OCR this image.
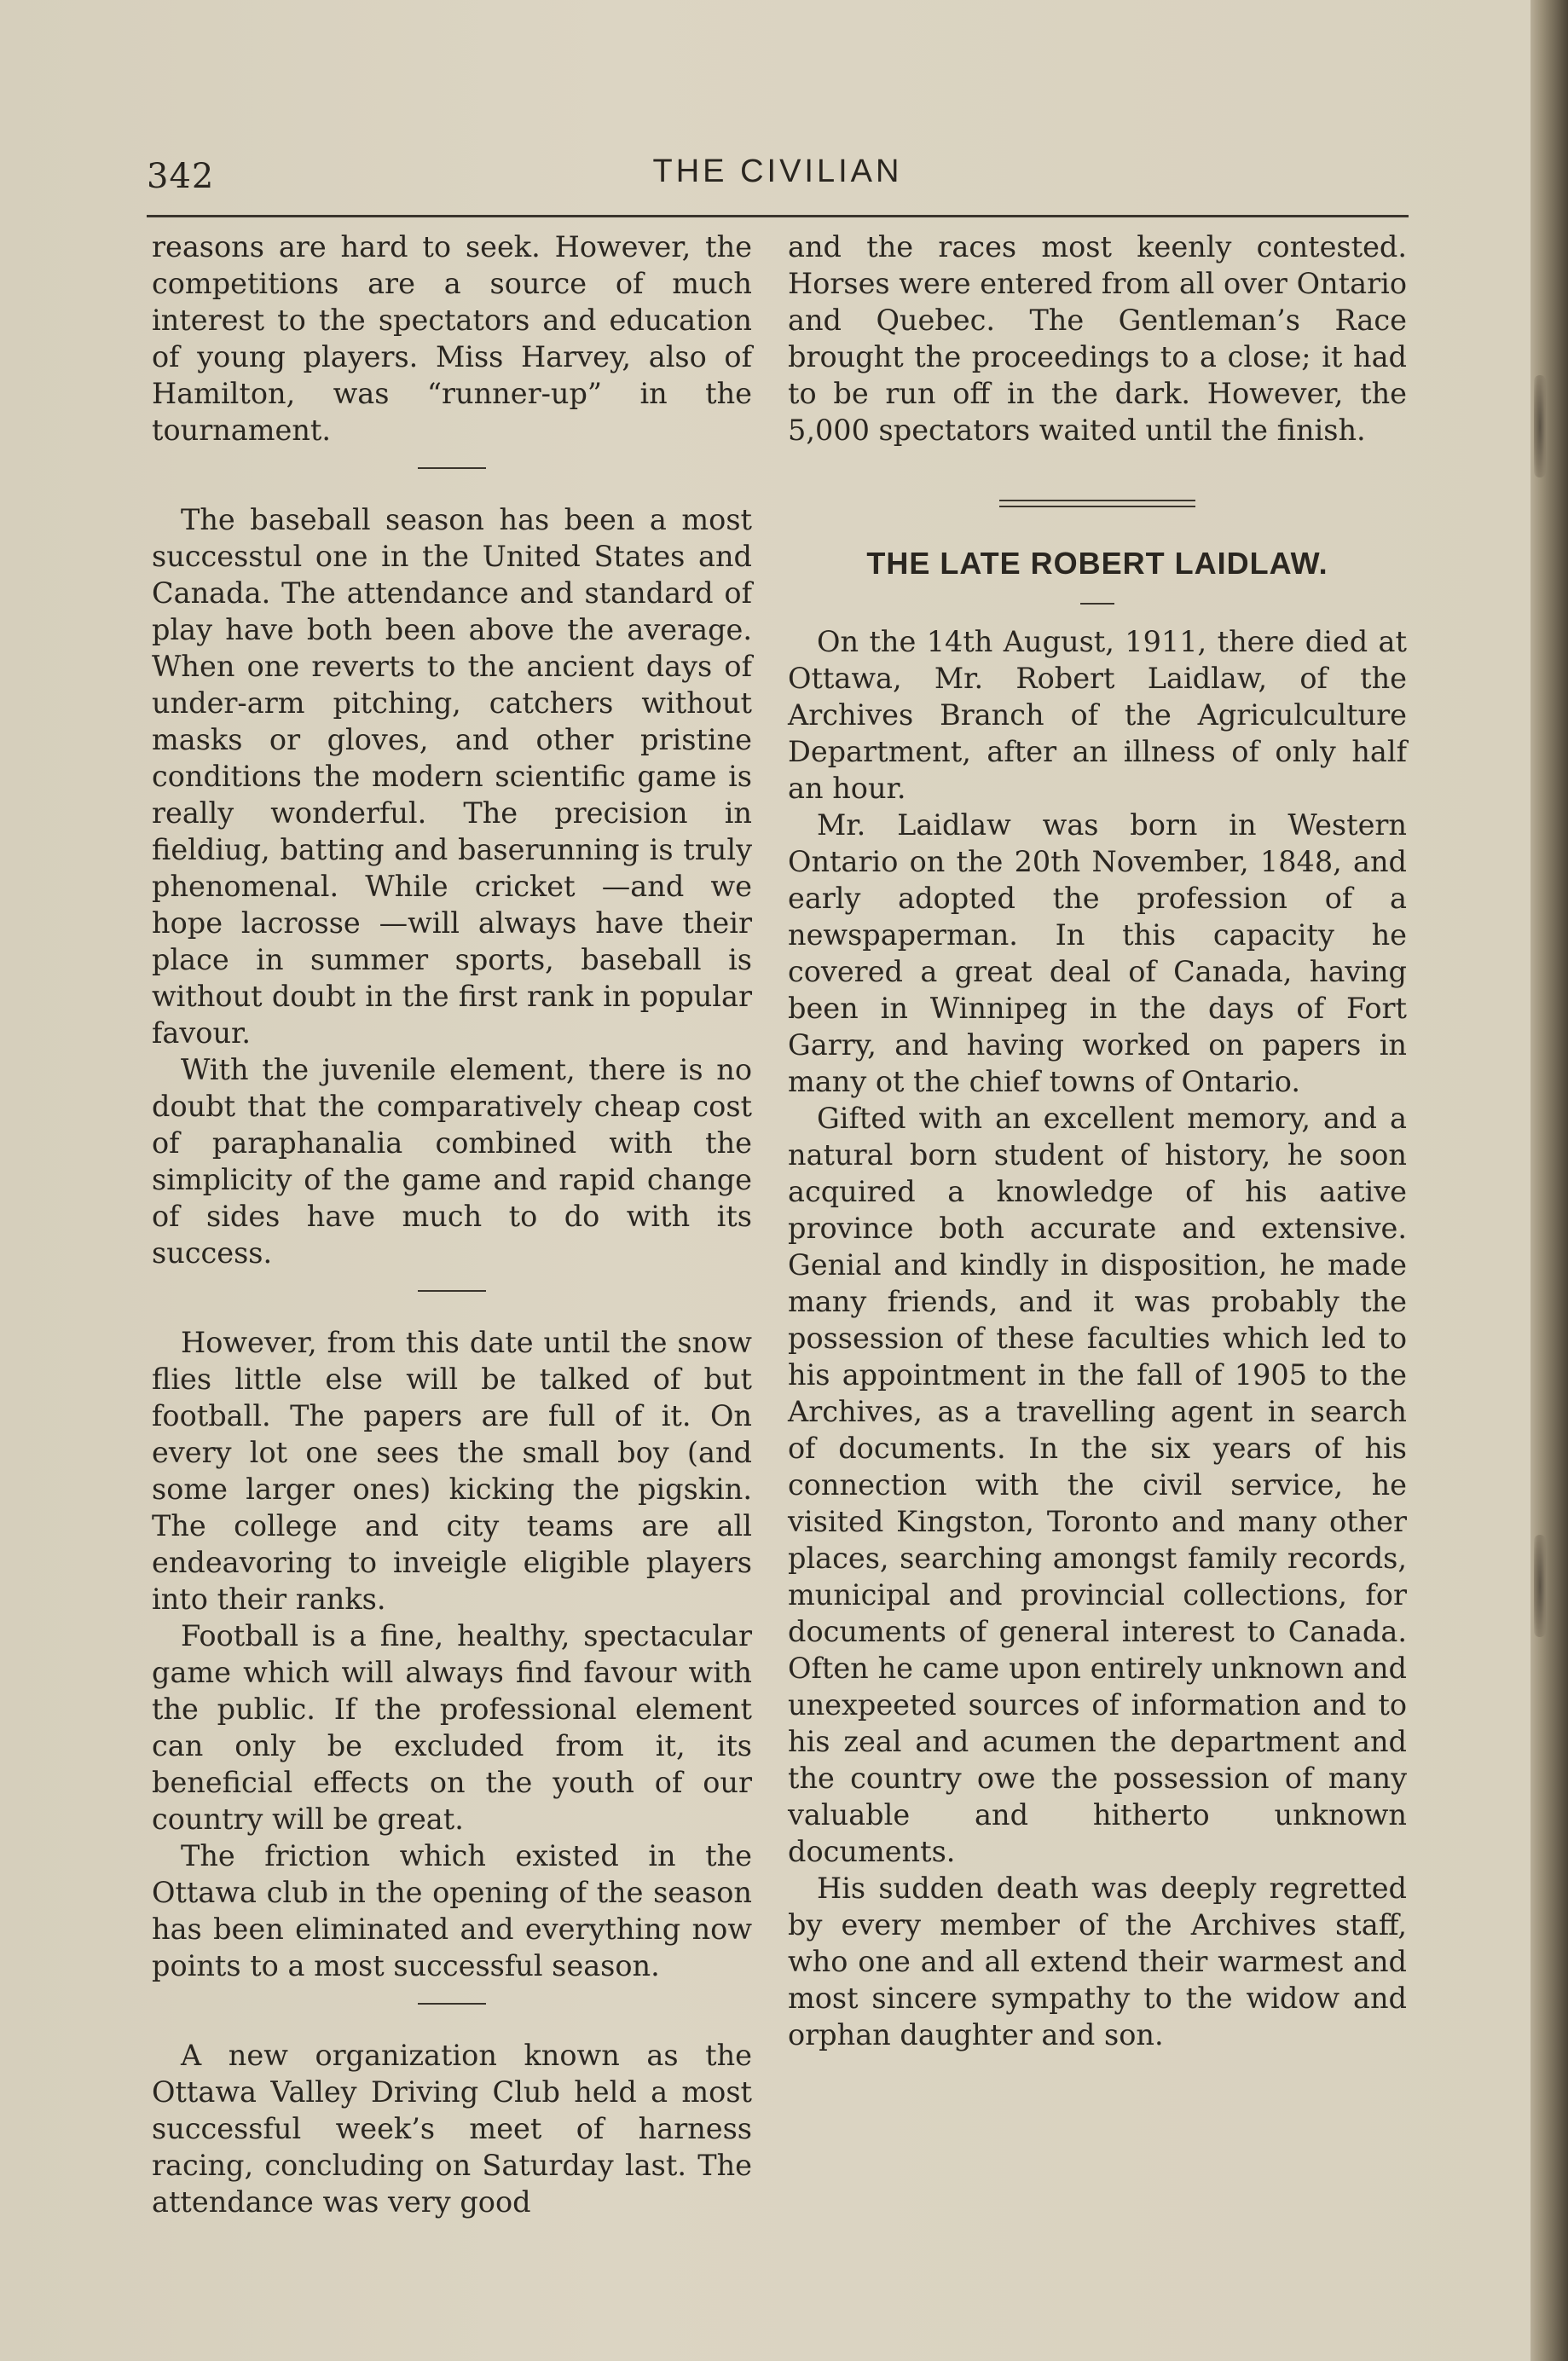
342	THE CIVILIAN

reasons are hard to seek. However, the competitions are a source of much interest to the spectators and education of young players. Miss Harvey, also of Hamilton, was “runner-up” in the tournament.

The baseball season has been a most successtul one in the United States and Canada. The attendance and standard of play have both been above the average. When one reverts to the ancient days of under-arm pitching, catchers without masks or gloves, and other pristine conditions the modern scientific game is really wonderful. The precision in fieldiug, batting and baserunning is truly phenomenal. While cricket —and we hope lacrosse —will always have their place in summer sports, baseball is without doubt in the first rank in popular favour.

With the juvenile element, there is no doubt that the comparatively cheap cost of paraphanalia combined with the simplicity of the game and rapid change of sides have much to do with its success.

However, from this date until the snow flies little else will be talked of but football. The papers are full of it. On every lot one sees the small boy (and some larger ones) kicking the pigskin. The college and city teams are all endeavoring to inveigle eligible players into their ranks.

Football is a fine, healthy, spectacular game which will always find favour with the public. If the professional element can only be excluded from it, its beneficial effects on the youth of our country will be great.

The friction which existed in the Ottawa club in the opening of the season has been eliminated and everything now points to a most successful season.

A new organization known as the Ottawa Valley Driving Club held a most successful week’s meet of harness racing, concluding on Saturday last. The attendance was very good

and the races most keenly contested. Horses were entered from all over Ontario and Quebec. The Gentleman’s Race brought the proceedings to a close; it had to be run off in the dark. However, the 5,000 spectators waited until the finish.

THE LATE ROBERT LAIDLAW.

On the 14th August, 1911, there died at Ottawa, Mr. Robert Laidlaw, of the Archives Branch of the Agriculculture Department, after an illness of only half an hour.

Mr. Laidlaw was born in Western Ontario on the 20th November, 1848, and early adopted the profession of a newspaperman. In this capacity he covered a great deal of Canada, having been in Winnipeg in the days of Fort Garry, and having worked on papers in many ot the chief towns of Ontario.

Gifted with an excellent memory, and a natural born student of history, he soon acquired a knowledge of his aative province both accurate and extensive. Genial and kindly in disposition, he made many friends, and it was probably the possession of these faculties which led to his appointment in the fall of 1905 to the Archives, as a travelling agent in search of documents. In the six years of his connection with the civil service, he visited Kingston, Toronto and many other places, searching amongst family records, municipal and provincial collections, for documents of general interest to Canada. Often he came upon entirely unknown and unexpeeted sources of information and to his zeal and acumen the department and the country owe the possession of many valuable and hitherto unknown documents.

His sudden death was deeply regretted by every member of the Archives staff, who one and all extend their warmest and most sincere sympathy to the widow and orphan daughter and son.
